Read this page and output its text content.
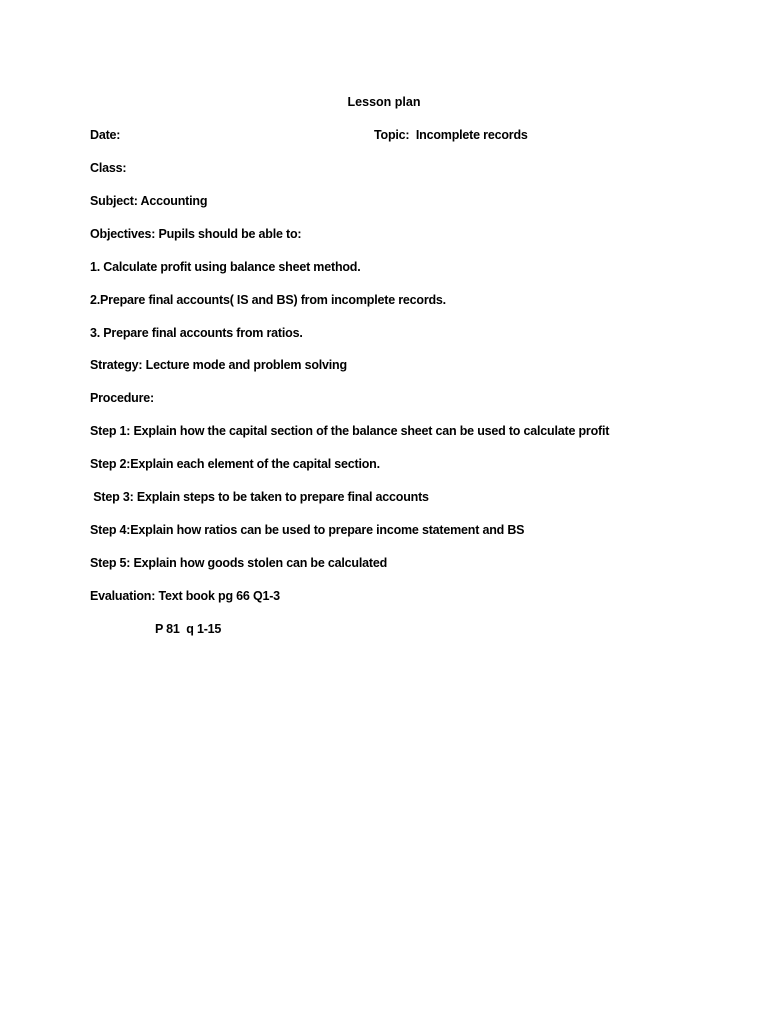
Lesson plan
Date:	Topic:  Incomplete records
Class:
Subject: Accounting
Objectives: Pupils should be able to:
1. Calculate profit using balance sheet method.
2.Prepare final accounts( IS and BS) from incomplete records.
3. Prepare final accounts from ratios.
Strategy: Lecture mode and problem solving
Procedure:
Step 1: Explain how the capital section of the balance sheet can be used to calculate profit
Step 2:Explain each element of the capital section.
Step 3: Explain steps to be taken to prepare final accounts
Step 4:Explain how ratios can be used to prepare income statement and BS
Step 5: Explain how goods stolen can be calculated
Evaluation: Text book pg 66 Q1-3
P 81  q 1-15
